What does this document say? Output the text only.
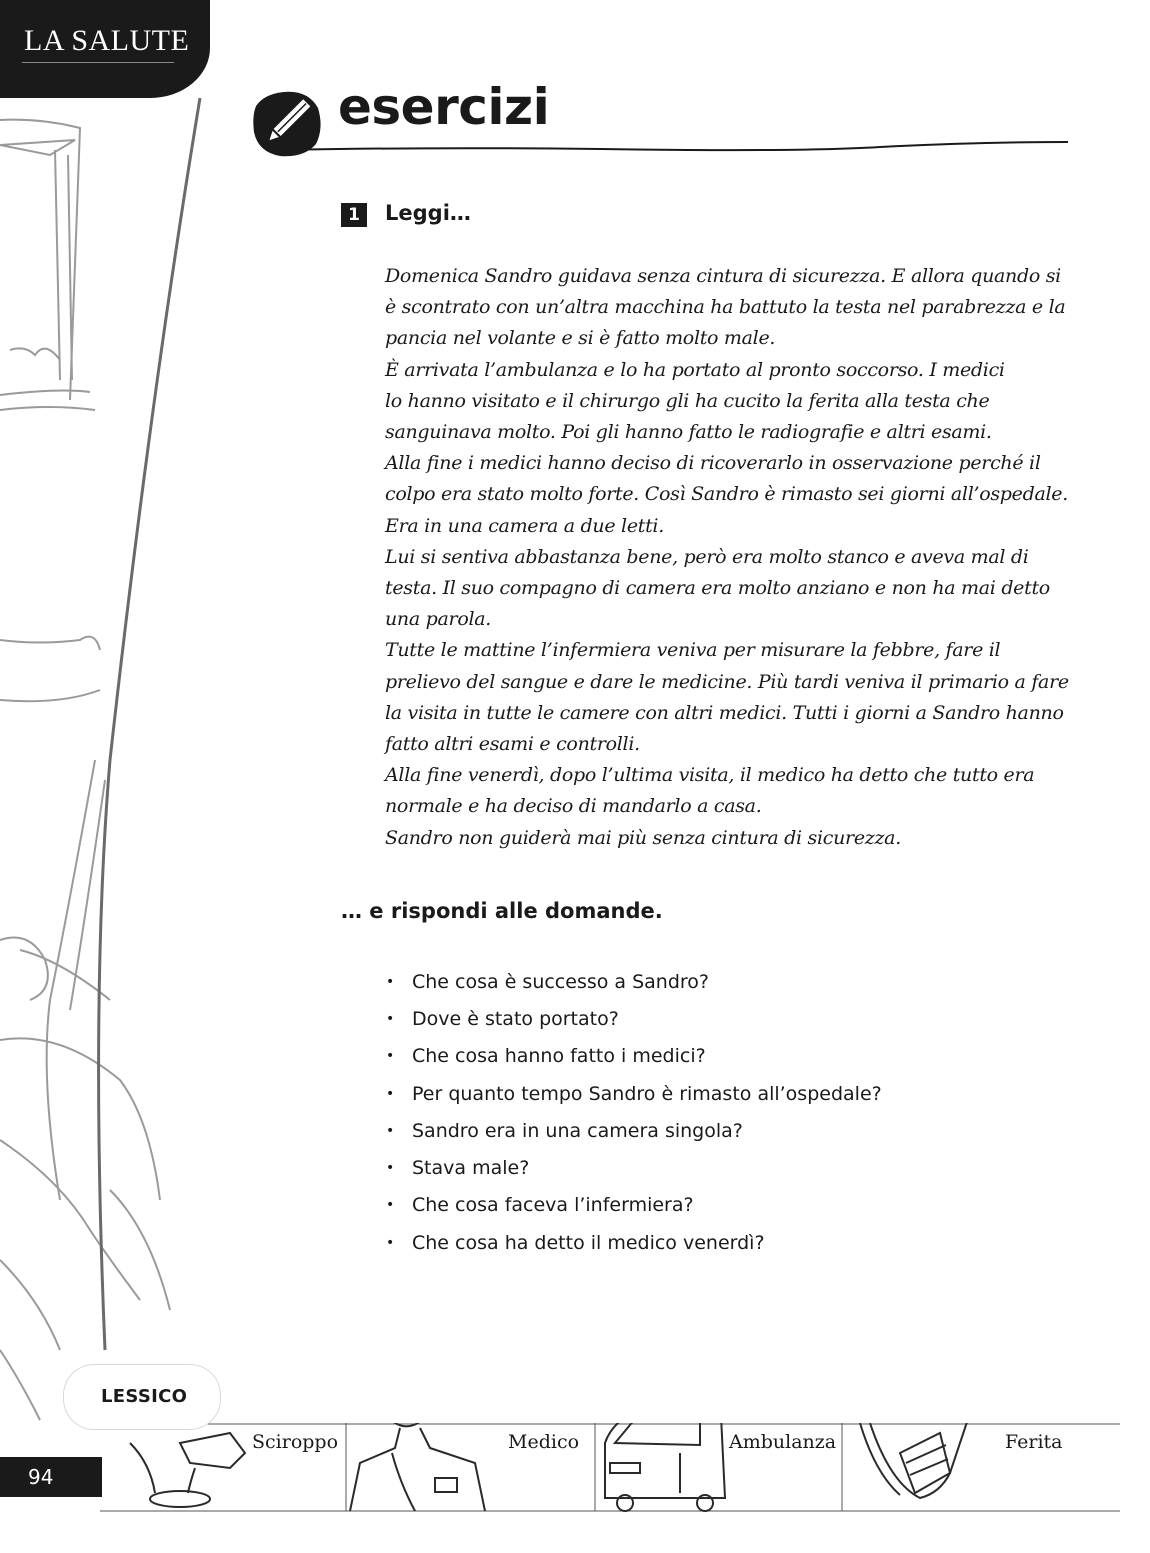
LA SALUTE
esercizi
1	Leggi…
Domenica Sandro guidava senza cintura di sicurezza. E allora quando si
è scontrato con un’altra macchina ha battuto la testa nel parabrezza e la
pancia nel volante e si è fatto molto male.
È arrivata l’ambulanza e lo ha portato al pronto soccorso. I medici
lo hanno visitato e il chirurgo gli ha cucito la ferita alla testa che
sanguinava molto. Poi gli hanno fatto le radiografie e altri esami.
Alla fine i medici hanno deciso di ricoverarlo in osservazione perché il
colpo era stato molto forte. Così Sandro è rimasto sei giorni all’ospedale.
Era in una camera a due letti.
Lui si sentiva abbastanza bene, però era molto stanco e aveva mal di
testa. Il suo compagno di camera era molto anziano e non ha mai detto
una parola.
Tutte le mattine l’infermiera veniva per misurare la febbre, fare il
prelievo del sangue e dare le medicine. Più tardi veniva il primario a fare
la visita in tutte le camere con altri medici. Tutti i giorni a Sandro hanno
fatto altri esami e controlli.
Alla fine venerdì, dopo l’ultima visita, il medico ha detto che tutto era
normale e ha deciso di mandarlo a casa.
Sandro non guiderà mai più senza cintura di sicurezza.
… e rispondi alle domande.
• Che cosa è successo a Sandro?
• Dove è stato portato?
• Che cosa hanno fatto i medici?
• Per quanto tempo Sandro è rimasto all’ospedale?
• Sandro era in una camera singola?
• Stava male?
• Che cosa faceva l’infermiera?
• Che cosa ha detto il medico venerdì?
LESSICO
Sciroppo	Medico	Ambulanza	Ferita
94
